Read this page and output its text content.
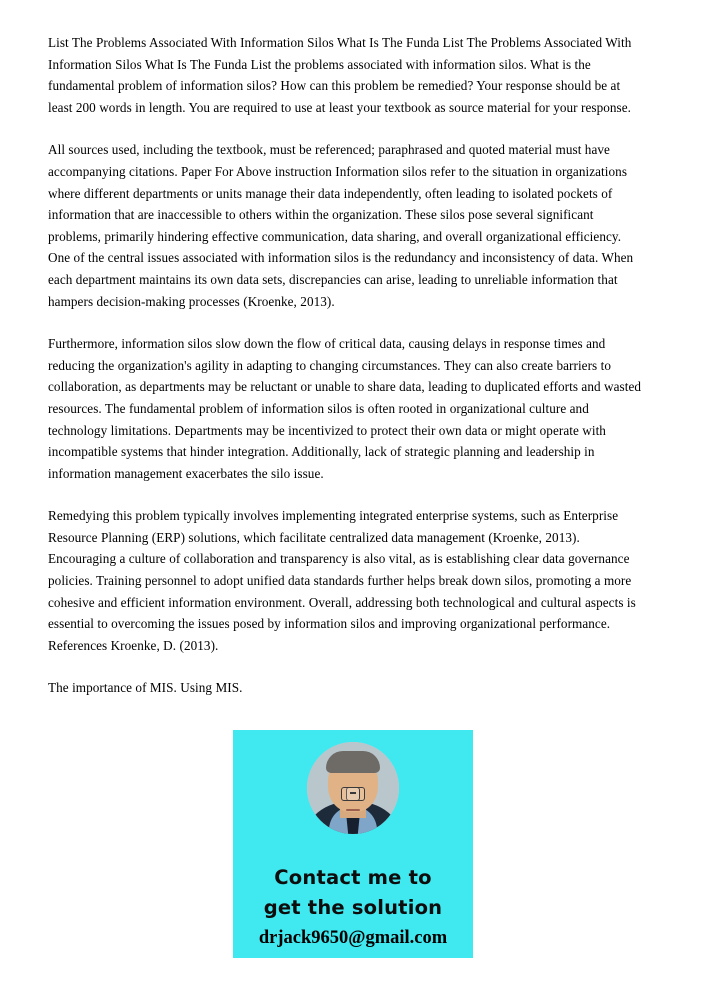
List The Problems Associated With Information Silos What Is The Funda List The Problems Associated With Information Silos What Is The Funda List the problems associated with information silos. What is the fundamental problem of information silos? How can this problem be remedied? Your response should be at least 200 words in length. You are required to use at least your textbook as source material for your response.

All sources used, including the textbook, must be referenced; paraphrased and quoted material must have accompanying citations. Paper For Above instruction Information silos refer to the situation in organizations where different departments or units manage their data independently, often leading to isolated pockets of information that are inaccessible to others within the organization. These silos pose several significant problems, primarily hindering effective communication, data sharing, and overall organizational efficiency. One of the central issues associated with information silos is the redundancy and inconsistency of data. When each department maintains its own data sets, discrepancies can arise, leading to unreliable information that hampers decision-making processes (Kroenke, 2013).

Furthermore, information silos slow down the flow of critical data, causing delays in response times and reducing the organization's agility in adapting to changing circumstances. They can also create barriers to collaboration, as departments may be reluctant or unable to share data, leading to duplicated efforts and wasted resources. The fundamental problem of information silos is often rooted in organizational culture and technology limitations. Departments may be incentivized to protect their own data or might operate with incompatible systems that hinder integration. Additionally, lack of strategic planning and leadership in information management exacerbates the silo issue.

Remedying this problem typically involves implementing integrated enterprise systems, such as Enterprise Resource Planning (ERP) solutions, which facilitate centralized data management (Kroenke, 2013). Encouraging a culture of collaboration and transparency is also vital, as is establishing clear data governance policies. Training personnel to adopt unified data standards further helps break down silos, promoting a more cohesive and efficient information environment. Overall, addressing both technological and cultural aspects is essential to overcoming the issues posed by information silos and improving organizational performance. References Kroenke, D. (2013).

The importance of MIS. Using MIS.

Contact me to
get the solution
drjack9650@gmail.com
